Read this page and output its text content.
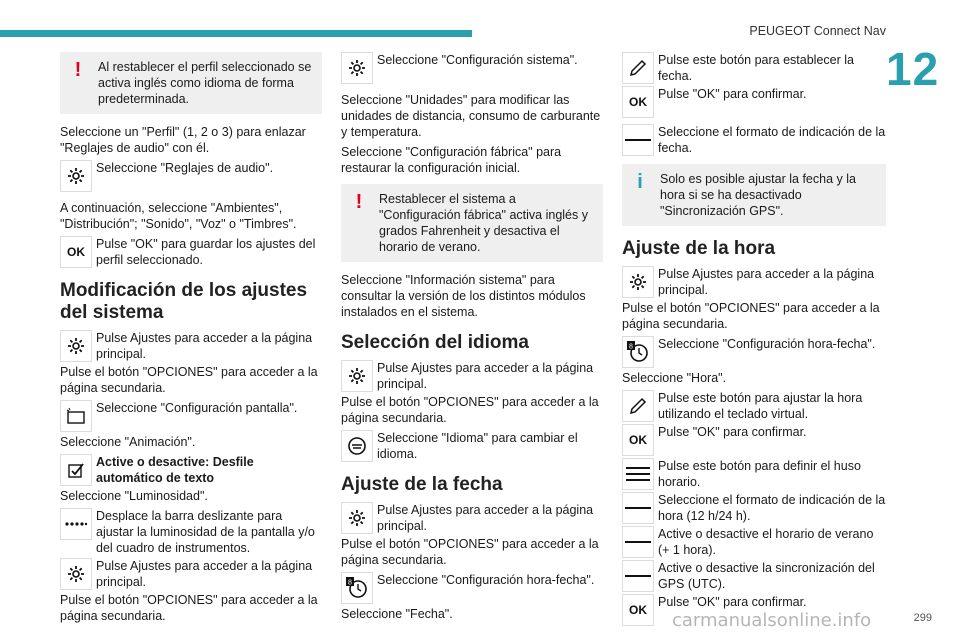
PEUGEOT Connect Nav
12
!	Al restablecer el perfil seleccionado se activa inglés como idioma de forma predeterminada.

Seleccione un "Perfil" (1, 2 o 3) para enlazar "Reglajes de audio" con él.

Seleccione "Reglajes de audio".

A continuación, seleccione "Ambientes", "Distribución"; "Sonido", "Voz" o "Timbres".

OK
Pulse "OK" para guardar los ajustes del perfil seleccionado.
Modificación de los ajustes del sistema
Pulse Ajustes para acceder a la página principal.

Pulse el botón "OPCIONES" para acceder a la página secundaria.

Seleccione "Configuración pantalla".

Seleccione "Animación".

Active o desactive: Desfile automático de texto

Seleccione "Luminosidad".

Desplace la barra deslizante para ajustar la luminosidad de la pantalla y/o del cuadro de instrumentos.
Pulse Ajustes para acceder a la página principal.

Pulse el botón "OPCIONES" para acceder a la página secundaria.

Seleccione "Configuración sistema".

Seleccione "Unidades" para modificar las unidades de distancia, consumo de carburante y temperatura.

Seleccione "Configuración fábrica" para restaurar la configuración inicial.

!	Restablecer el sistema a "Configuración fábrica" activa inglés y grados Fahrenheit y desactiva el horario de verano.

Seleccione "Información sistema" para consultar la versión de los distintos módulos instalados en el sistema.

Selección del idioma
Pulse Ajustes para acceder a la página principal.

Pulse el botón "OPCIONES" para acceder a la página secundaria.

Seleccione "Idioma" para cambiar el idioma.
Ajuste de la fecha
Pulse Ajustes para acceder a la página principal.

Pulse el botón "OPCIONES" para acceder a la página secundaria.

8 Seleccione "Configuración hora-fecha".

Seleccione "Fecha".

Pulse este botón para establecer la fecha.
OK
Pulse "OK" para confirmar.
Seleccione el formato de indicación de la fecha.
i	Solo es posible ajustar la fecha y la hora si se ha desactivado "Sincronización GPS".
Ajuste de la hora
Pulse Ajustes para acceder a la página principal.

Pulse el botón "OPCIONES" para acceder a la página secundaria.

8 Seleccione "Configuración hora-fecha".

Seleccione "Hora".

Pulse este botón para ajustar la hora utilizando el teclado virtual.
OK
Pulse "OK" para confirmar.
Pulse este botón para definir el huso horario.
Seleccione el formato de indicación de la hora (12 h/24 h).
Active o desactive el horario de verano (+ 1 hora).
Active o desactive la sincronización del GPS (UTC).
OK
Pulse "OK" para confirmar.
carmanualsonline.info	299
